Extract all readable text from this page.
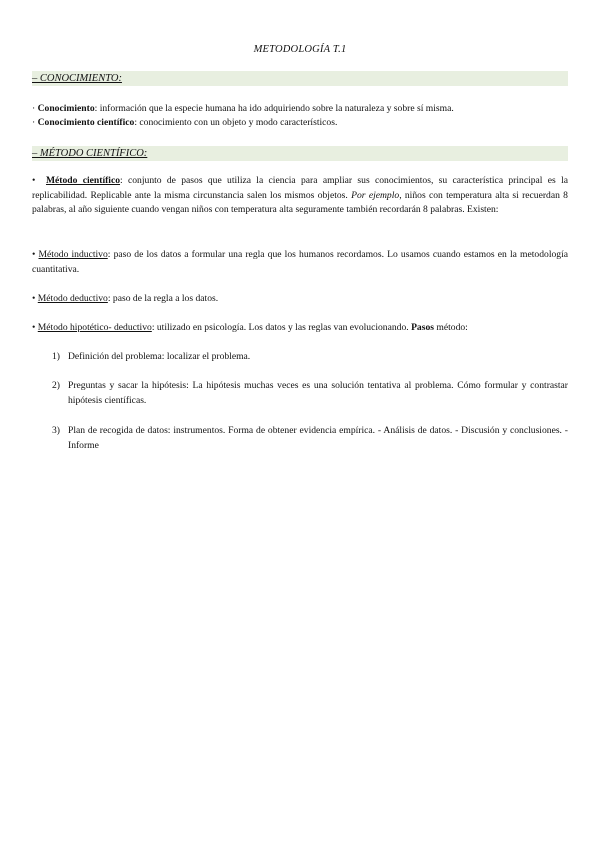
METODOLOGÍA T.1
– CONOCIMIENTO:
· Conocimiento: información que la especie humana ha ido adquiriendo sobre la naturaleza y sobre sí misma.
· Conocimiento científico: conocimiento con un objeto y modo característicos.
– MÉTODO CIENTÍFICO:
• Método científico: conjunto de pasos que utiliza la ciencia para ampliar sus conocimientos, su característica principal es la replicabilidad. Replicable ante la misma circunstancia salen los mismos objetos. Por ejemplo, niños con temperatura alta si recuerdan 8 palabras, al año siguiente cuando vengan niños con temperatura alta seguramente también recordarán 8 palabras. Existen:
• Método inductivo: paso de los datos a formular una regla que los humanos recordamos. Lo usamos cuando estamos en la metodología cuantitativa.
• Método deductivo: paso de la regla a los datos.
• Método hipotético- deductivo: utilizado en psicología. Los datos y las reglas van evolucionando. Pasos método:
1) Definición del problema: localizar el problema.
2) Preguntas y sacar la hipótesis: La hipótesis muchas veces es una solución tentativa al problema. Cómo formular y contrastar hipótesis científicas.
3) Plan de recogida de datos: instrumentos. Forma de obtener evidencia empírica. - Análisis de datos. - Discusión y conclusiones. - Informe
